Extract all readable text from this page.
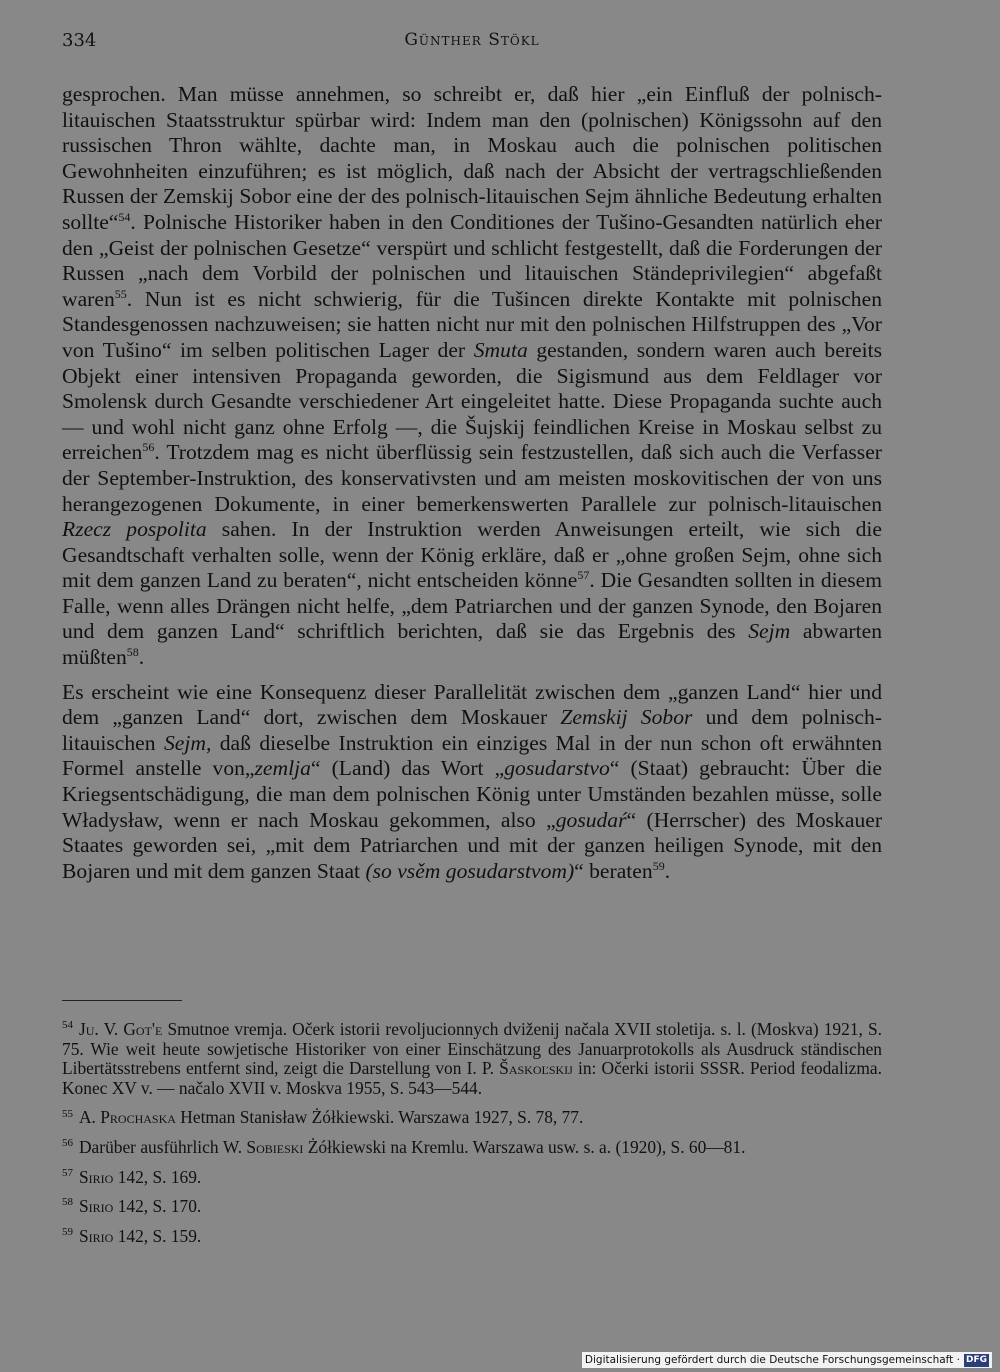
334	Günther Stökl

gesprochen. Man müsse annehmen, so schreibt er, daß hier „ein Einfluß der polnisch-litauischen Staatsstruktur spürbar wird: Indem man den (polnischen) Königssohn auf den russischen Thron wählte, dachte man, in Moskau auch die polnischen politischen Gewohnheiten einzuführen; es ist möglich, daß nach der Absicht der vertragschließenden Russen der Zemskij Sobor eine der des polnisch-litauischen Sejm ähnliche Bedeutung erhalten sollte“$^{54}$. Polnische Historiker haben in den Conditiones der Tušino-Gesandten natürlich eher den „Geist der polnischen Gesetze“ verspürt und schlicht festgestellt, daß die Forderungen der Russen „nach dem Vorbild der polnischen und litauischen Ständeprivilegien“ abgefaßt waren$^{55}$. Nun ist es nicht schwierig, für die Tušincen direkte Kontakte mit polnischen Standesgenossen nachzuweisen; sie hatten nicht nur mit den polnischen Hilfstruppen des „Vor von Tušino“ im selben politischen Lager der Smuta gestanden, sondern waren auch bereits Objekt einer intensiven Propaganda geworden, die Sigismund aus dem Feldlager vor Smolensk durch Gesandte verschiedener Art eingeleitet hatte. Diese Propaganda suchte auch — und wohl nicht ganz ohne Erfolg —, die Šujskij feindlichen Kreise in Moskau selbst zu erreichen$^{56}$. Trotzdem mag es nicht überflüssig sein festzustellen, daß sich auch die Verfasser der September-Instruktion, des konservativsten und am meisten moskovitischen der von uns herangezogenen Dokumente, in einer bemerkenswerten Parallele zur polnisch-litauischen Rzecz pospolita sahen. In der Instruktion werden Anweisungen erteilt, wie sich die Gesandtschaft verhalten solle, wenn der König erkläre, daß er „ohne großen Sejm, ohne sich mit dem ganzen Land zu beraten“, nicht entscheiden könne$^{57}$. Die Gesandten sollten in diesem Falle, wenn alles Drängen nicht helfe, „dem Patriarchen und der ganzen Synode, den Bojaren und dem ganzen Land“ schriftlich berichten, daß sie das Ergebnis des Sejm abwarten müßten$^{58}$.

Es erscheint wie eine Konsequenz dieser Parallelität zwischen dem „ganzen Land“ hier und dem „ganzen Land“ dort, zwischen dem Moskauer Zemskij Sobor und dem polnisch-litauischen Sejm, daß dieselbe Instruktion ein einziges Mal in der nun schon oft erwähnten Formel anstelle von„zemlja“ (Land) das Wort „gosudarstvo“ (Staat) gebraucht: Über die Kriegsentschädigung, die man dem polnischen König unter Umständen bezahlen müsse, solle Władysław, wenn er nach Moskau gekommen, also „gosudaŕ“ (Herrscher) des Moskauer Staates geworden sei, „mit dem Patriarchen und mit der ganzen heiligen Synode, mit den Bojaren und mit dem ganzen Staat (so vsěm gosudarstvom)“ beraten$^{59}$.

$^{54}$ Ju. V. Got'e Smutnoe vremja. Očerk istorii revoljucionnych dviženij načala XVII stoletija. s. l. (Moskva) 1921, S. 75. Wie weit heute sowjetische Historiker von einer Einschätzung des Januarprotokolls als Ausdruck ständischen Libertätsstrebens entfernt sind, zeigt die Darstellung von I. P. Šaskoľskij in: Očerki istorii SSSR. Period feodalizma. Konec XV v. — načalo XVII v. Moskva 1955, S. 543—544.

$^{55}$ A. Prochaska Hetman Stanisław Żółkiewski. Warszawa 1927, S. 78, 77.

$^{56}$ Darüber ausführlich W. Sobieski Żółkiewski na Kremlu. Warszawa usw. s. a. (1920), S. 60—81.

$^{57}$ Sirio 142, S. 169.

$^{58}$ Sirio 142, S. 170.

$^{59}$ Sirio 142, S. 159.

Digitalisierung gefördert durch die Deutsche Forschungsgemeinschaft · DFG
